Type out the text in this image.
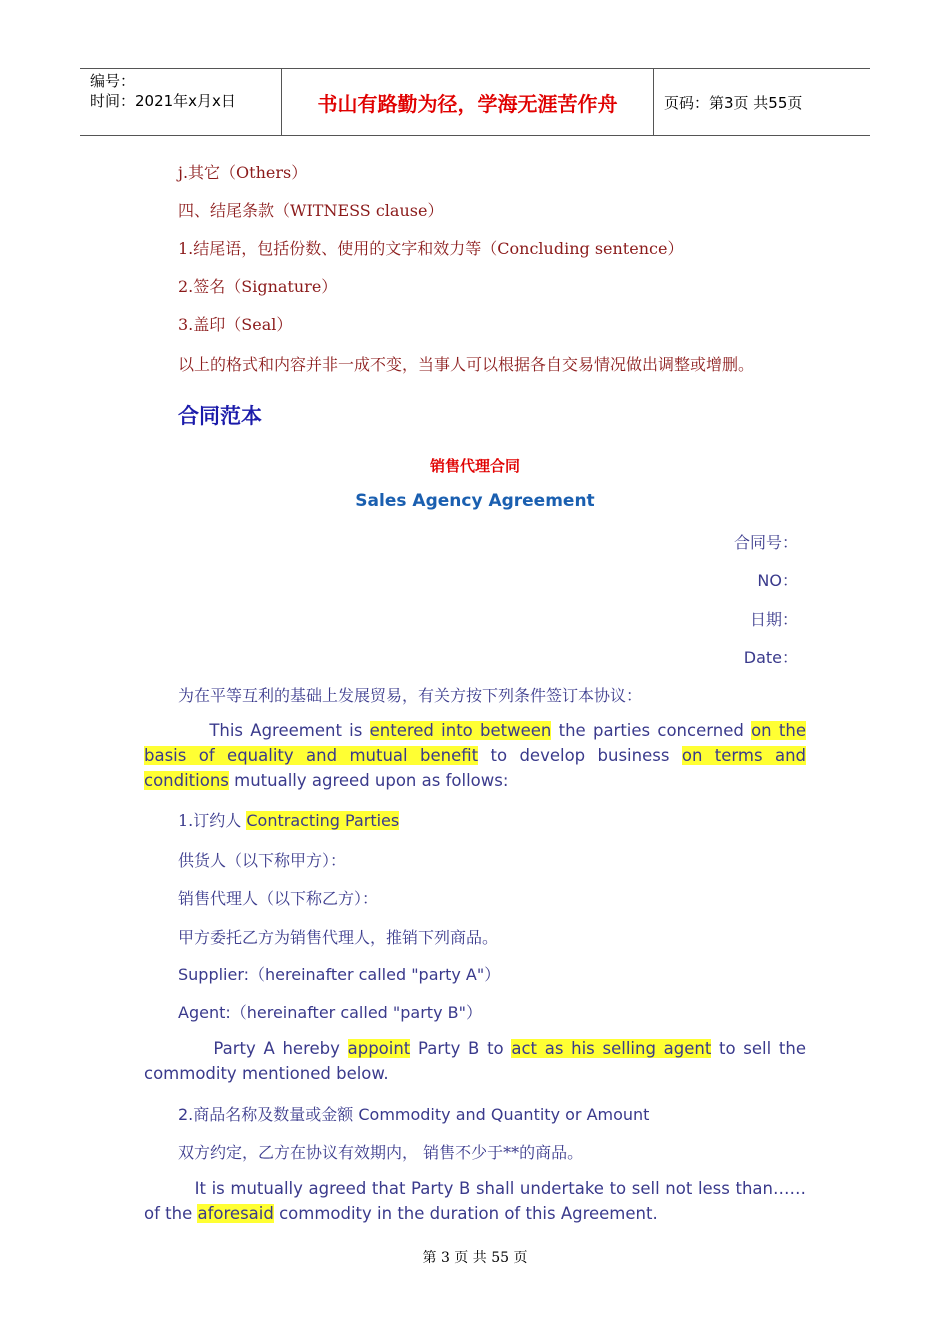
编号：
时间：2021年x月x日	书山有路勤为径，学海无涯苦作舟	页码：第3页 共55页
j.其它（Others）
四、结尾条款（WITNESS clause）
1.结尾语，包括份数、使用的文字和效力等（Concluding sentence）
2.签名（Signature）
3.盖印（Seal）
以上的格式和内容并非一成不变，当事人可以根据各自交易情况做出调整或增删。
合同范本
销售代理合同
Sales Agency Agreement
合同号：
NO：
日期：
Date：
为在平等互利的基础上发展贸易，有关方按下列条件签订本协议：
This Agreement is entered into between the parties concerned on the
basis of equality and mutual benefit to develop business on terms and
conditions mutually agreed upon as follows:
1.订约人 Contracting Parties
供货人（以下称甲方）：
销售代理人（以下称乙方）：
甲方委托乙方为销售代理人，推销下列商品。
Supplier:（hereinafter called "party A"）
Agent:（hereinafter called "party B"）
Party A hereby appoint Party B to act as his selling agent to sell the
commodity mentioned below.
2.商品名称及数量或金额 Commodity and Quantity or Amount
双方约定，乙方在协议有效期内， 销售不少于**的商品。
It is mutually agreed that Party B shall undertake to sell not less than……
of the aforesaid commodity in the duration of this Agreement.
第 3 页 共 55 页
